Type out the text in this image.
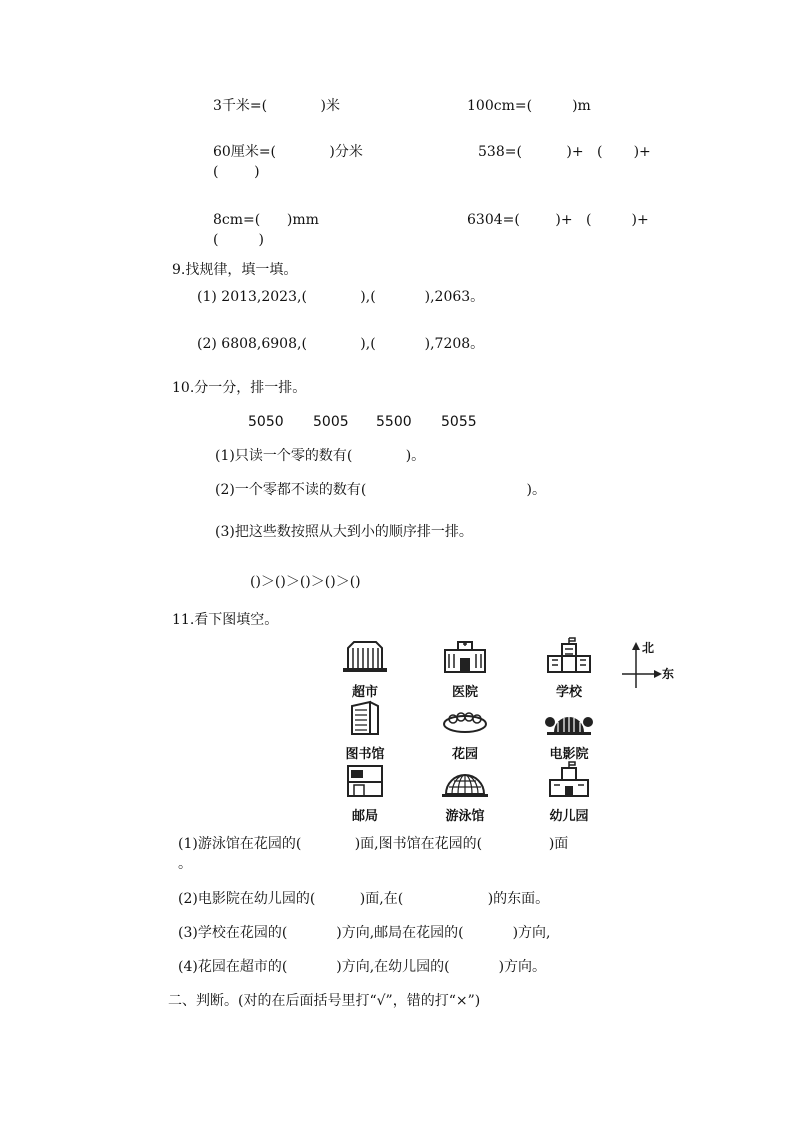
3千米=(            )米	100cm=(         )m
60厘米=(            )分米	538=(          )+   (       )+
(        )
8cm=(      )mm	6304=(        )+   (         )+
(         )
9.找规律，填一填。
(1) 2013,2023,(            ),(           ),2063。
(2) 6808,6908,(            ),(           ),7208。
10.分一分，排一排。
5050 5005 5500 5055
(1)只读一个零的数有(            )。
(2)一个零都不读的数有(                                    )。
(3)把这些数按照从大到小的顺序排一排。
()＞()＞()＞()＞()
11.看下图填空。
超市	医院	学校
图书馆	花园	电影院
邮局	游泳馆	幼儿园
北
东
(1)游泳馆在花园的(            )面,图书馆在花园的(               )面
。
(2)电影院在幼儿园的(          )面,在(                   )的东面。
(3)学校在花园的(           )方向,邮局在花园的(           )方向,
(4)花园在超市的(           )方向,在幼儿园的(           )方向。
二、判断。(对的在后面括号里打“√”，错的打“×”)
